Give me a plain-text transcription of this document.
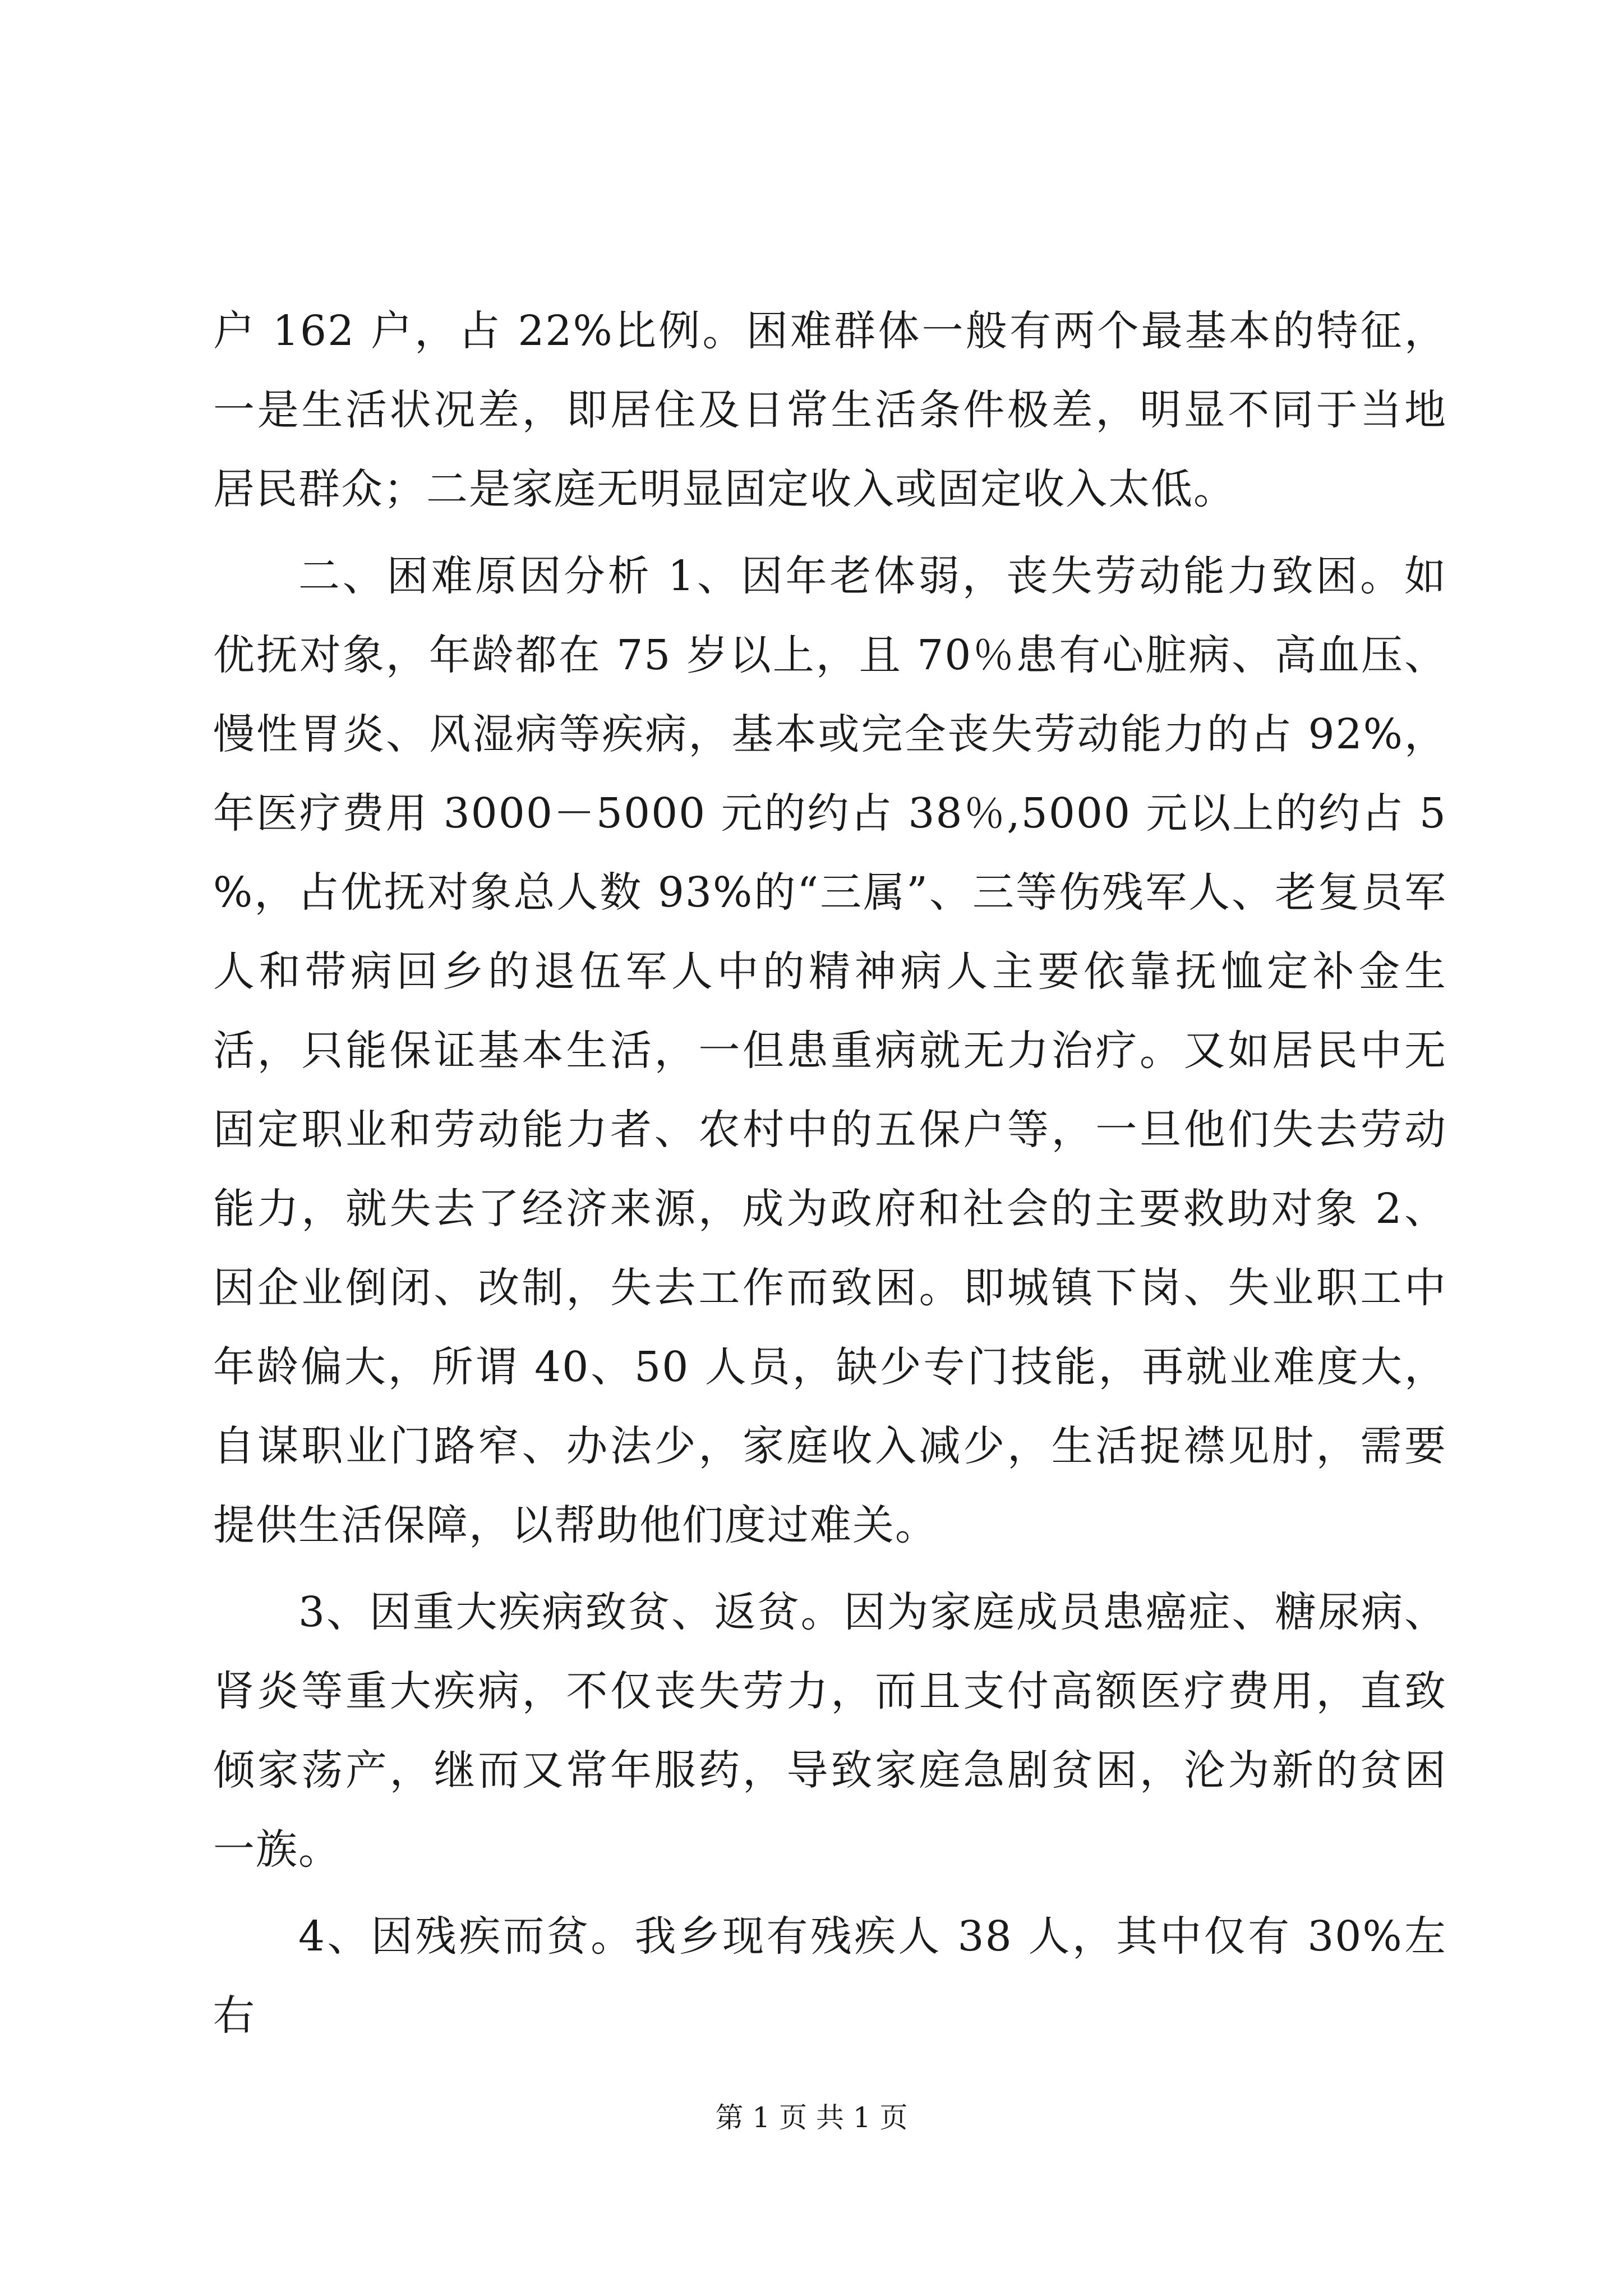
户 162 户，占 22%比例。困难群体一般有两个最基本的特征，一是生活状况差，即居住及日常生活条件极差，明显不同于当地居民群众；二是家庭无明显固定收入或固定收入太低。

二、困难原因分析 1、因年老体弱，丧失劳动能力致困。如优抚对象，年龄都在 75 岁以上，且 70％患有心脏病、高血压、慢性胃炎、风湿病等疾病，基本或完全丧失劳动能力的占 92%，年医疗费用 3000－5000 元的约占 38％,5000 元以上的约占 5 %，占优抚对象总人数 93%的“三属”、三等伤残军人、老复员军人和带病回乡的退伍军人中的精神病人主要依靠抚恤定补金生活，只能保证基本生活，一但患重病就无力治疗。又如居民中无固定职业和劳动能力者、农村中的五保户等，一旦他们失去劳动能力，就失去了经济来源，成为政府和社会的主要救助对象 2、因企业倒闭、改制，失去工作而致困。即城镇下岗、失业职工中年龄偏大，所谓 40、50 人员，缺少专门技能，再就业难度大，自谋职业门路窄、办法少，家庭收入减少，生活捉襟见肘，需要提供生活保障，以帮助他们度过难关。

3、因重大疾病致贫、返贫。因为家庭成员患癌症、糖尿病、肾炎等重大疾病，不仅丧失劳力，而且支付高额医疗费用，直致倾家荡产，继而又常年服药，导致家庭急剧贫困，沦为新的贫困一族。

4、因残疾而贫。我乡现有残疾人 38 人，其中仅有 30%左右

第 1 页 共 1 页
